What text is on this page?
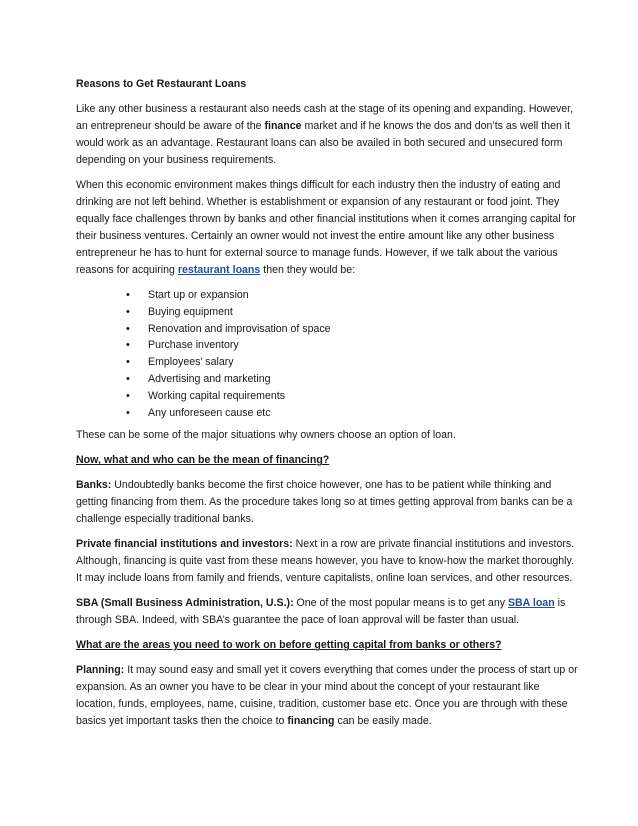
Reasons to Get Restaurant Loans

Like any other business a restaurant also needs cash at the stage of its opening and expanding. However, an entrepreneur should be aware of the finance market and if he knows the dos and don’ts as well then it would work as an advantage. Restaurant loans can also be availed in both secured and unsecured form depending on your business requirements.

When this economic environment makes things difficult for each industry then the industry of eating and drinking are not left behind. Whether is establishment or expansion of any restaurant or food joint. They equally face challenges thrown by banks and other financial institutions when it comes arranging capital for their business ventures. Certainly an owner would not invest the entire amount like any other business entrepreneur he has to hunt for external source to manage funds. However, if we talk about the various reasons for acquiring restaurant loans then they would be:

• Start up or expansion
• Buying equipment
• Renovation and improvisation of space
• Purchase inventory
• Employees’ salary
• Advertising and marketing
• Working capital requirements
• Any unforeseen cause etc

These can be some of the major situations why owners choose an option of loan.

Now, what and who can be the mean of financing?

Banks: Undoubtedly banks become the first choice however, one has to be patient while thinking and getting financing from them. As the procedure takes long so at times getting approval from banks can be a challenge especially traditional banks.

Private financial institutions and investors: Next in a row are private financial institutions and investors. Although, financing is quite vast from these means however, you have to know-how the market thoroughly. It may include loans from family and friends, venture capitalists, online loan services, and other resources.

SBA (Small Business Administration, U.S.): One of the most popular means is to get any SBA loan is through SBA. Indeed, with SBA’s guarantee the pace of loan approval will be faster than usual.

What are the areas you need to work on before getting capital from banks or others?

Planning: It may sound easy and small yet it covers everything that comes under the process of start up or expansion. As an owner you have to be clear in your mind about the concept of your restaurant like location, funds, employees, name, cuisine, tradition, customer base etc. Once you are through with these basics yet important tasks then the choice to financing can be easily made.
